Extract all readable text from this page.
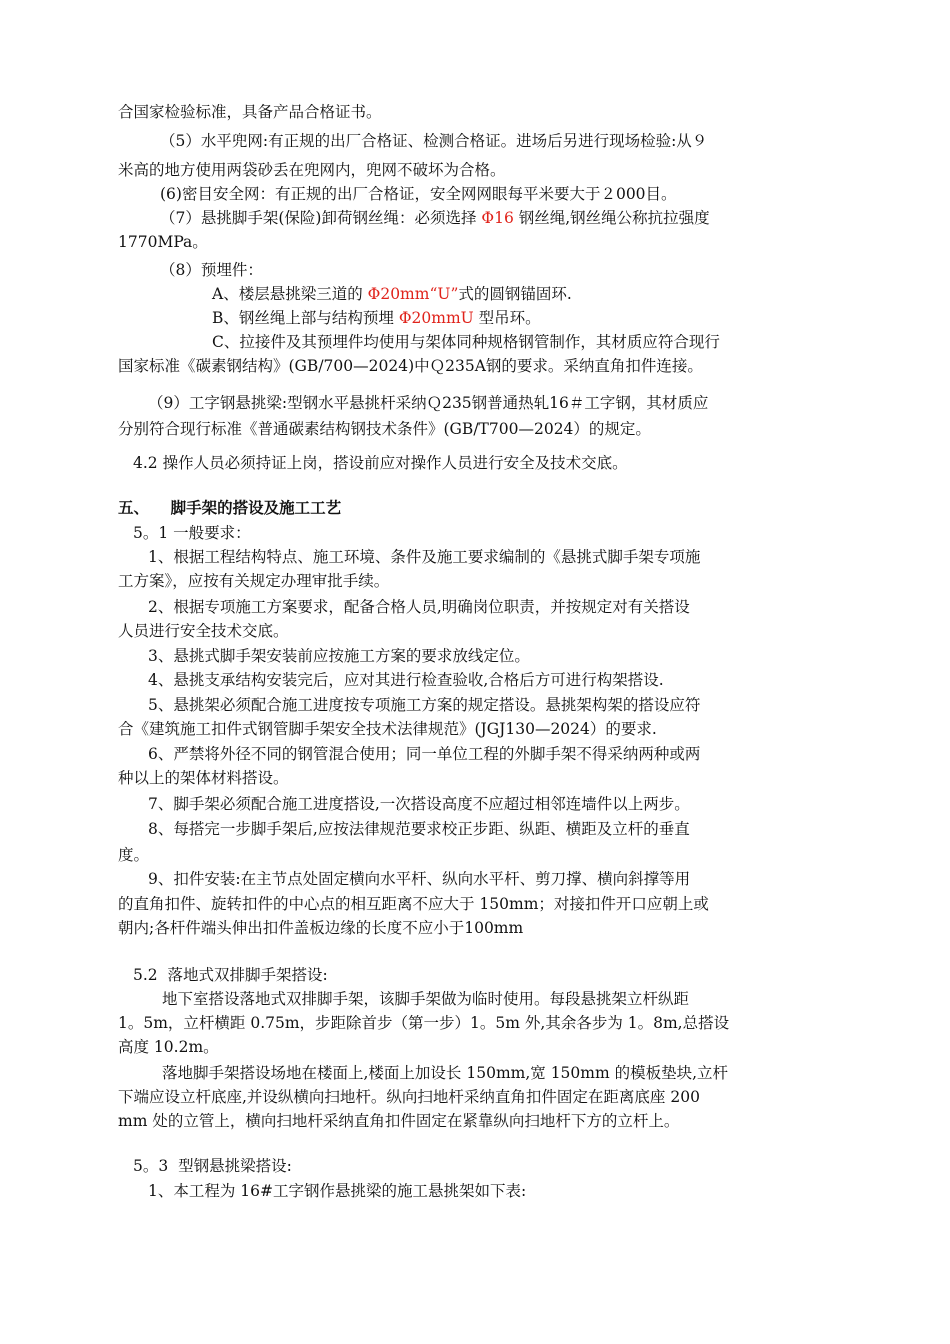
合国家检验标准，具备产品合格证书。
（5）水平兜网:有正规的出厂合格证、检测合格证。进场后另进行现场检验:从９
米高的地方使用两袋砂丢在兜网内，兜网不破坏为合格。
(6)密目安全网：有正规的出厂合格证，安全网网眼每平米要大于２000目。
（7）悬挑脚手架(保险)卸荷钢丝绳：必须选择 Φ16 钢丝绳,钢丝绳公称抗拉强度
1770MPa。
（8）预埋件：
A、楼层悬挑梁三道的 Φ20mm“U”式的圆钢锚固环.
B、钢丝绳上部与结构预埋 Φ20mmU 型吊环。
C、拉接件及其预埋件均使用与架体同种规格钢管制作，其材质应符合现行
国家标准《碳素钢结构》(GB/700—2024)中Ｑ235A钢的要求。采纳直角扣件连接。
（9）工字钢悬挑梁:型钢水平悬挑杆采纳Ｑ235钢普通热轧16＃工字钢，其材质应
分别符合现行标准《普通碳素结构钢技术条件》(GB/T700—2024）的规定。
4.2 操作人员必须持证上岗，搭设前应对操作人员进行安全及技术交底。
五、    脚手架的搭设及施工工艺
5。1 一般要求：
1、根据工程结构特点、施工环境、条件及施工要求编制的《悬挑式脚手架专项施
工方案》，应按有关规定办理审批手续。
2、根据专项施工方案要求，配备合格人员,明确岗位职责，并按规定对有关搭设
人员进行安全技术交底。
3、悬挑式脚手架安装前应按施工方案的要求放线定位。
4、悬挑支承结构安装完后，应对其进行检查验收,合格后方可进行构架搭设.
5、悬挑架必须配合施工进度按专项施工方案的规定搭设。悬挑架构架的搭设应符
合《建筑施工扣件式钢管脚手架安全技术法律规范》(JGJ130—2024）的要求.
6、严禁将外径不同的钢管混合使用；同一单位工程的外脚手架不得采纳两种或两
种以上的架体材料搭设。
7、脚手架必须配合施工进度搭设,一次搭设高度不应超过相邻连墙件以上两步。
8、每搭完一步脚手架后,应按法律规范要求校正步距、纵距、横距及立杆的垂直
度。
9、扣件安装:在主节点处固定横向水平杆、纵向水平杆、剪刀撑、横向斜撑等用
的直角扣件、旋转扣件的中心点的相互距离不应大于 150mm；对接扣件开口应朝上或
朝内;各杆件端头伸出扣件盖板边缘的长度不应小于100mm
5.2  落地式双排脚手架搭设:
地下室搭设落地式双排脚手架，该脚手架做为临时使用。每段悬挑架立杆纵距
1。5m，立杆横距 0.75m，步距除首步（第一步）1。5m 外,其余各步为 1。8m,总搭设
高度 10.2m。
落地脚手架搭设场地在楼面上,楼面上加设长 150mm,宽 150mm 的模板垫块,立杆
下端应设立杆底座,并设纵横向扫地杆。纵向扫地杆采纳直角扣件固定在距离底座 200
mm 处的立管上，横向扫地杆采纳直角扣件固定在紧靠纵向扫地杆下方的立杆上。
5。3  型钢悬挑梁搭设:
1、本工程为 16#工字钢作悬挑梁的施工悬挑架如下表:
